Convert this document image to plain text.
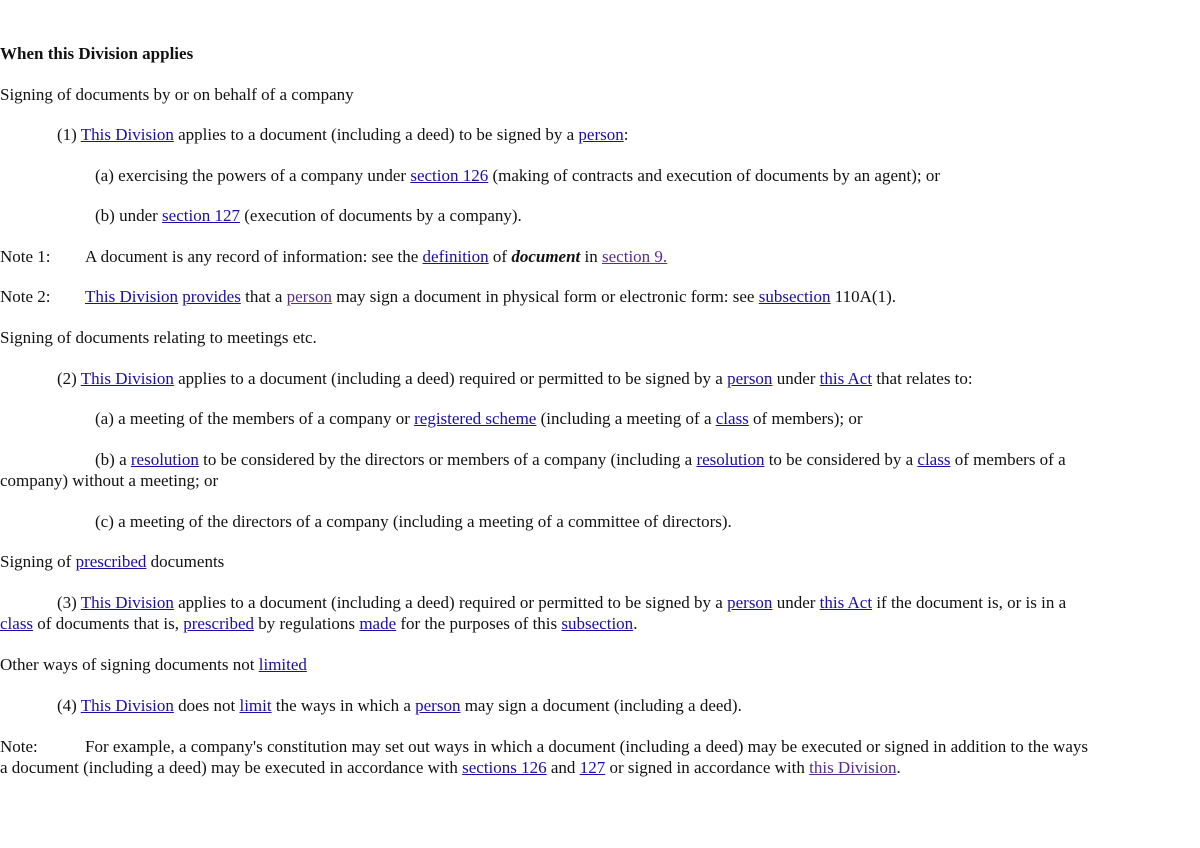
When this Division applies
Signing of documents by or on behalf of a company
(1) This Division applies to a document (including a deed) to be signed by a person:
(a) exercising the powers of a company under section 126 (making of contracts and execution of documents by an agent); or
(b) under section 127 (execution of documents by a company).
Note 1: A document is any record of information: see the definition of document in section 9.
Note 2: This Division provides that a person may sign a document in physical form or electronic form: see subsection 110A(1).
Signing of documents relating to meetings etc.
(2) This Division applies to a document (including a deed) required or permitted to be signed by a person under this Act that relates to:
(a) a meeting of the members of a company or registered scheme (including a meeting of a class of members); or
(b) a resolution to be considered by the directors or members of a company (including a resolution to be considered by a class of members of a
company) without a meeting; or
(c) a meeting of the directors of a company (including a meeting of a committee of directors).
Signing of prescribed documents
(3) This Division applies to a document (including a deed) required or permitted to be signed by a person under this Act if the document is, or is in a
class of documents that is, prescribed by regulations made for the purposes of this subsection.
Other ways of signing documents not limited
(4) This Division does not limit the ways in which a person may sign a document (including a deed).
Note:	For example, a company's constitution may set out ways in which a document (including a deed) may be executed or signed in addition to the ways
a document (including a deed) may be executed in accordance with sections 126 and 127 or signed in accordance with this Division.
